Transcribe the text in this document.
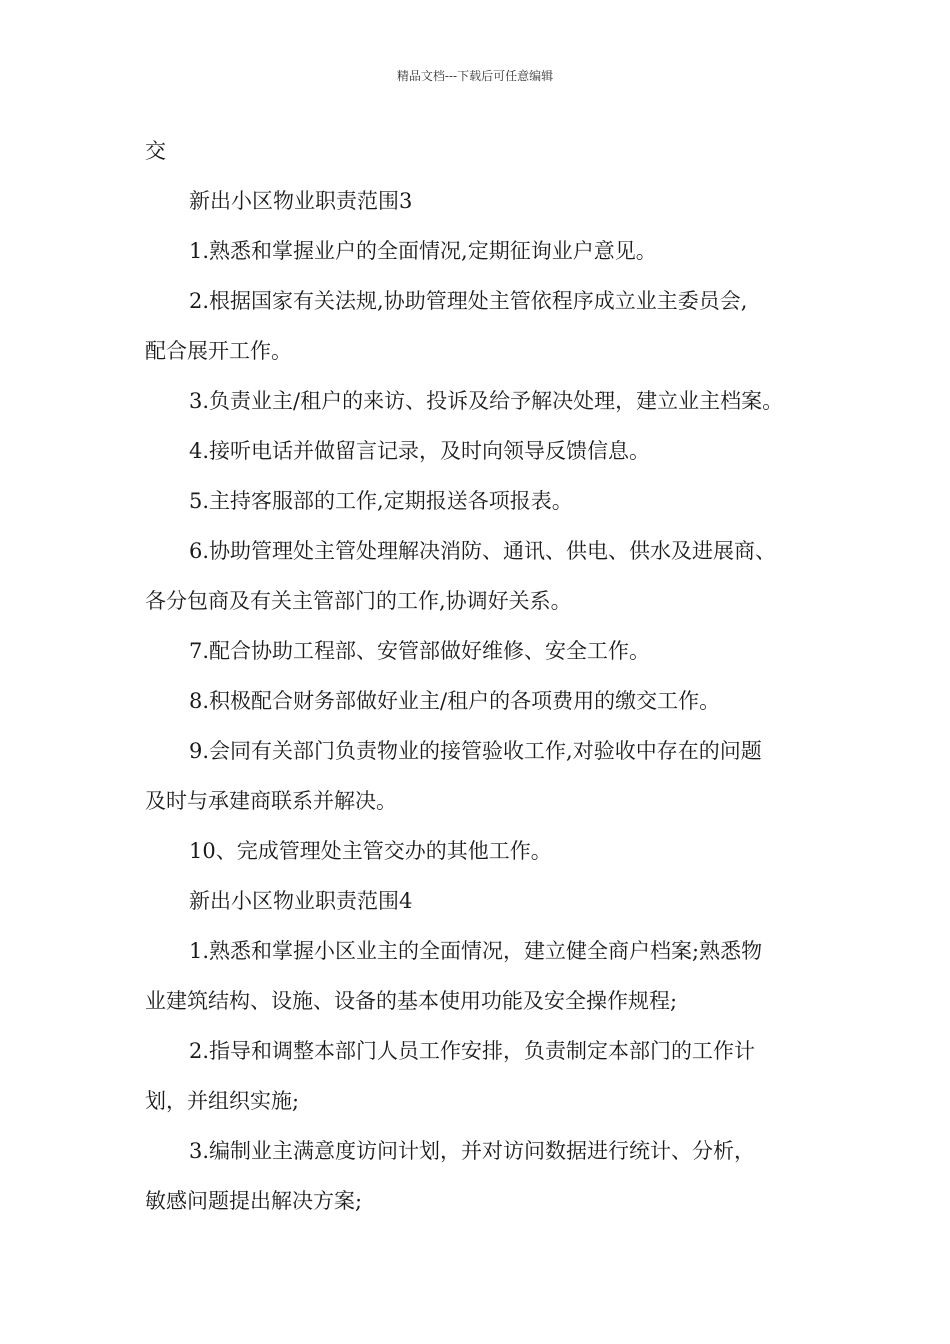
精品文档---下载后可任意编辑
交
新出小区物业职责范围3
1.熟悉和掌握业户的全面情况,定期征询业户意见。
2.根据国家有关法规,协助管理处主管依程序成立业主委员会,
配合展开工作。
3.负责业主/租户的来访、投诉及给予解决处理，建立业主档案。
4.接听电话并做留言记录，及时向领导反馈信息。
5.主持客服部的工作,定期报送各项报表。
6.协助管理处主管处理解决消防、通讯、供电、供水及进展商、
各分包商及有关主管部门的工作,协调好关系。
7.配合协助工程部、安管部做好维修、安全工作。
8.积极配合财务部做好业主/租户的各项费用的缴交工作。
9.会同有关部门负责物业的接管验收工作,对验收中存在的问题
及时与承建商联系并解决。
10、完成管理处主管交办的其他工作。
新出小区物业职责范围4
1.熟悉和掌握小区业主的全面情况，建立健全商户档案;熟悉物
业建筑结构、设施、设备的基本使用功能及安全操作规程;
2.指导和调整本部门人员工作安排，负责制定本部门的工作计
划，并组织实施;
3.编制业主满意度访问计划，并对访问数据进行统计、分析，
敏感问题提出解决方案;
